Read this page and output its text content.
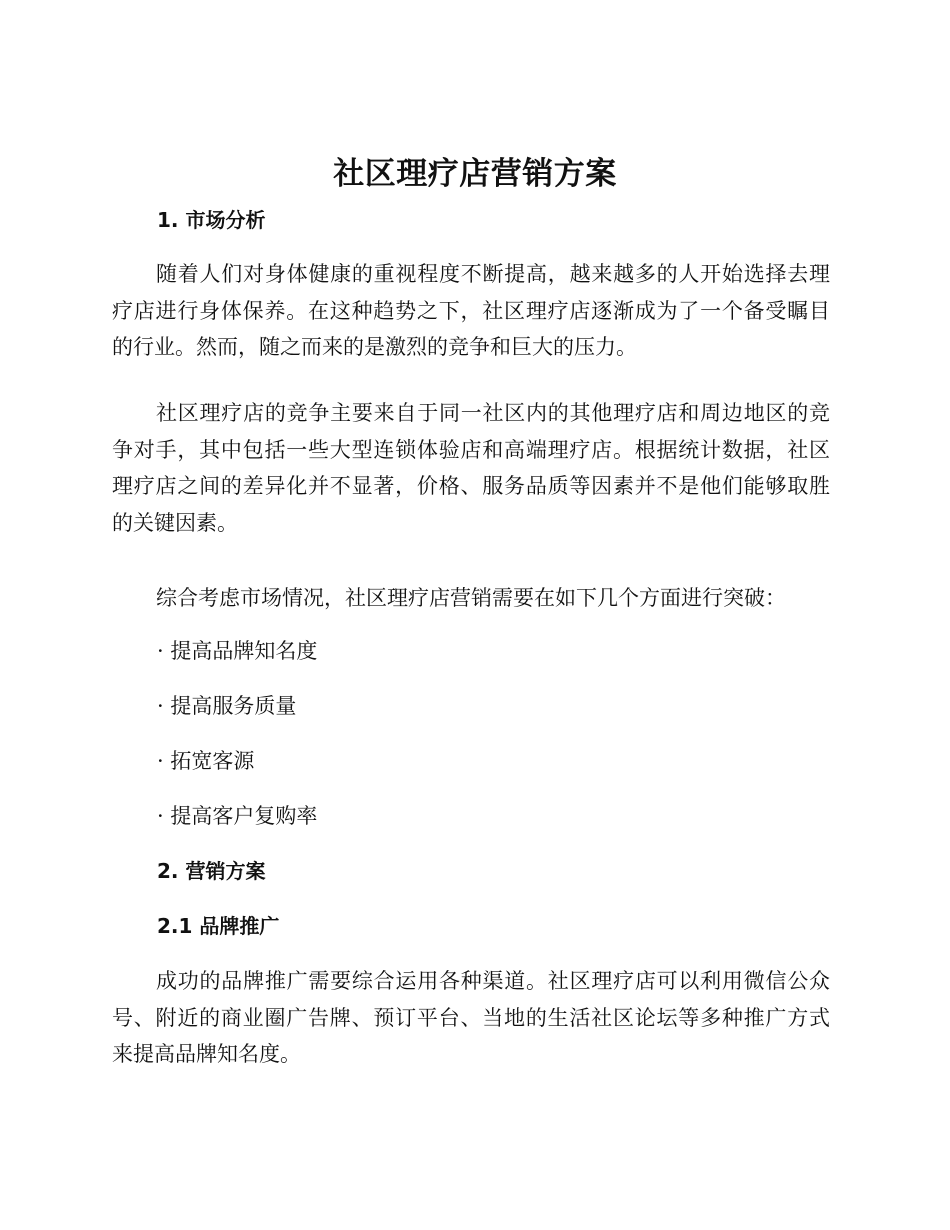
社区理疗店营销方案
1. 市场分析

随着人们对身体健康的重视程度不断提高，越来越多的人开始选择去理
疗店进行身体保养。在这种趋势之下，社区理疗店逐渐成为了一个备受瞩目
的行业。然而，随之而来的是激烈的竞争和巨大的压力。

社区理疗店的竞争主要来自于同一社区内的其他理疗店和周边地区的竞
争对手，其中包括一些大型连锁体验店和高端理疗店。根据统计数据，社区
理疗店之间的差异化并不显著，价格、服务品质等因素并不是他们能够取胜
的关键因素。

综合考虑市场情况，社区理疗店营销需要在如下几个方面进行突破：

· 提高品牌知名度
· 提高服务质量
· 拓宽客源
· 提高客户复购率
2. 营销方案
2.1 品牌推广

成功的品牌推广需要综合运用各种渠道。社区理疗店可以利用微信公众
号、附近的商业圈广告牌、预订平台、当地的生活社区论坛等多种推广方式
来提高品牌知名度。
